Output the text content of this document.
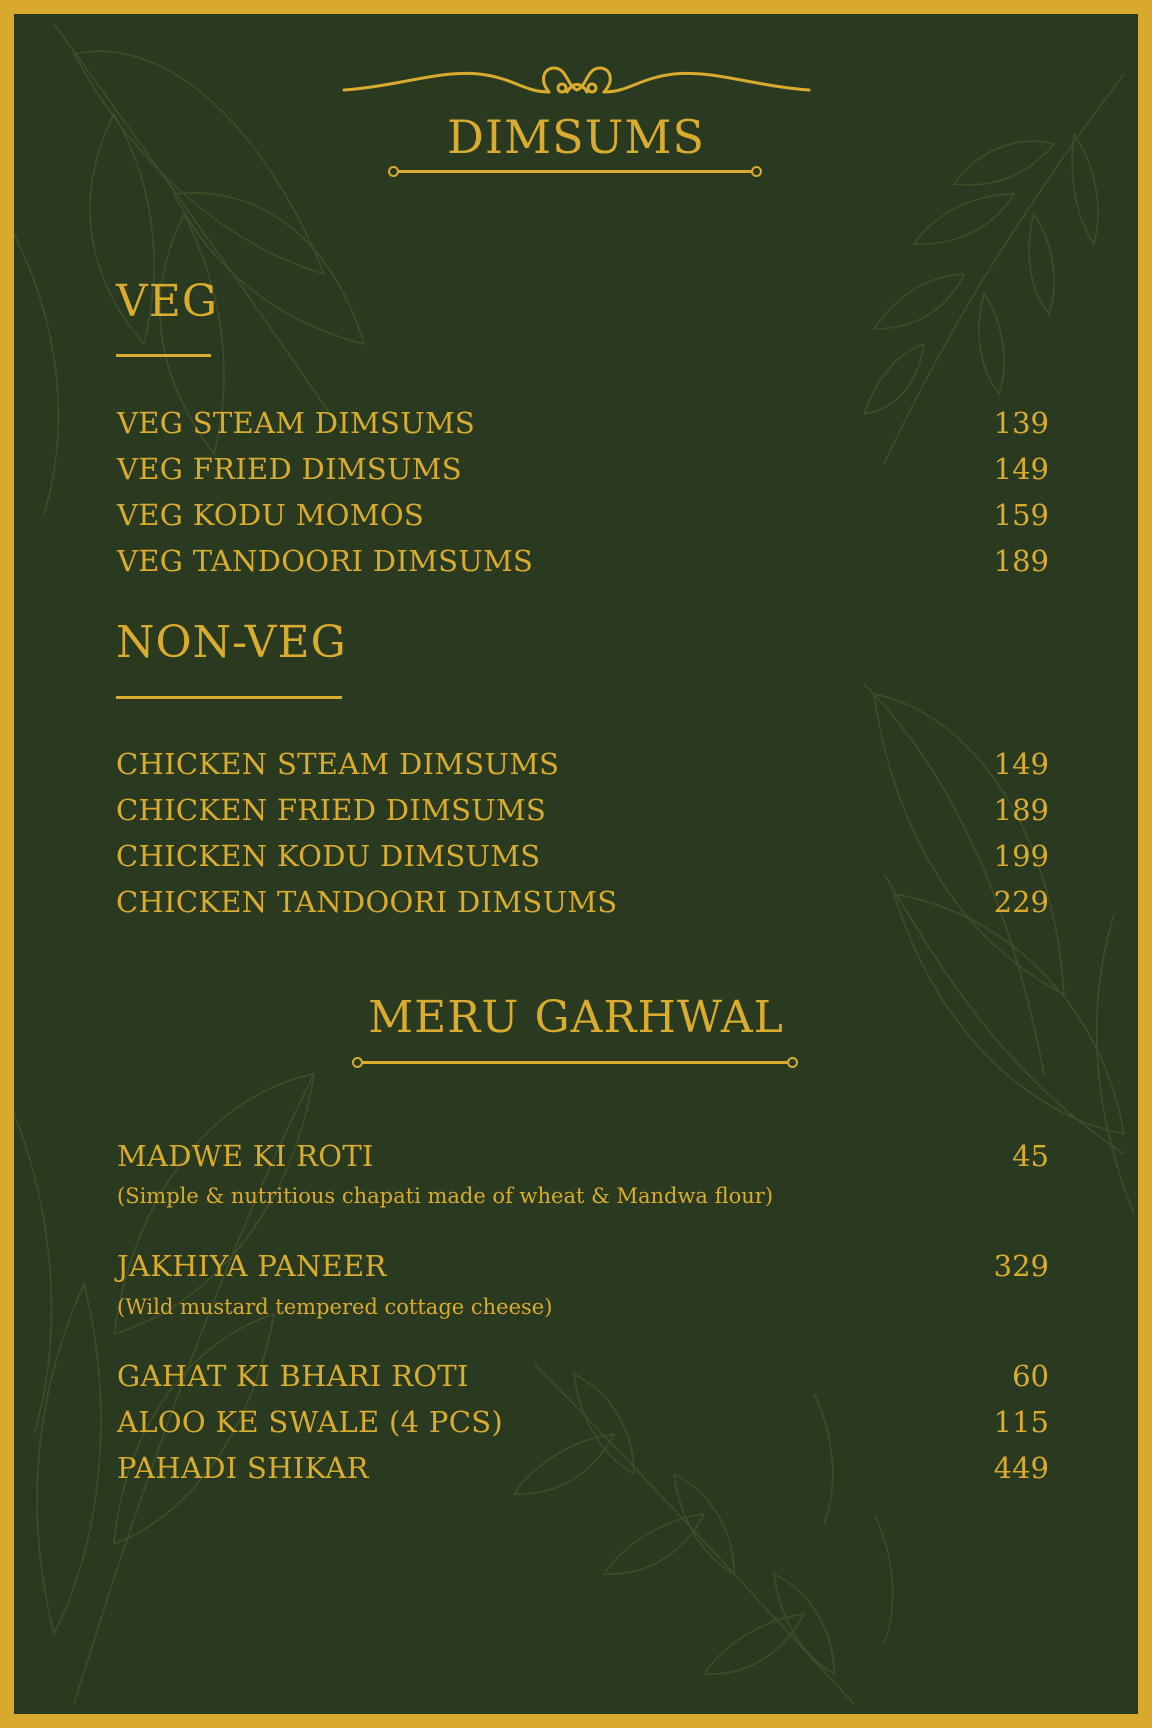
DIMSUMS
VEG
VEG STEAM DIMSUMS	139
VEG FRIED DIMSUMS	149
VEG KODU MOMOS	159
VEG TANDOORI DIMSUMS	189
NON-VEG
CHICKEN STEAM DIMSUMS	149
CHICKEN FRIED DIMSUMS	189
CHICKEN KODU DIMSUMS	199
CHICKEN TANDOORI DIMSUMS	229
MERU GARHWAL
MADWE KI ROTI	45
(Simple & nutritious chapati made of wheat & Mandwa flour)
JAKHIYA PANEER	329
(Wild mustard tempered cottage cheese)
GAHAT KI BHARI ROTI	60
ALOO KE SWALE (4 PCS)	115
PAHADI SHIKAR	449
